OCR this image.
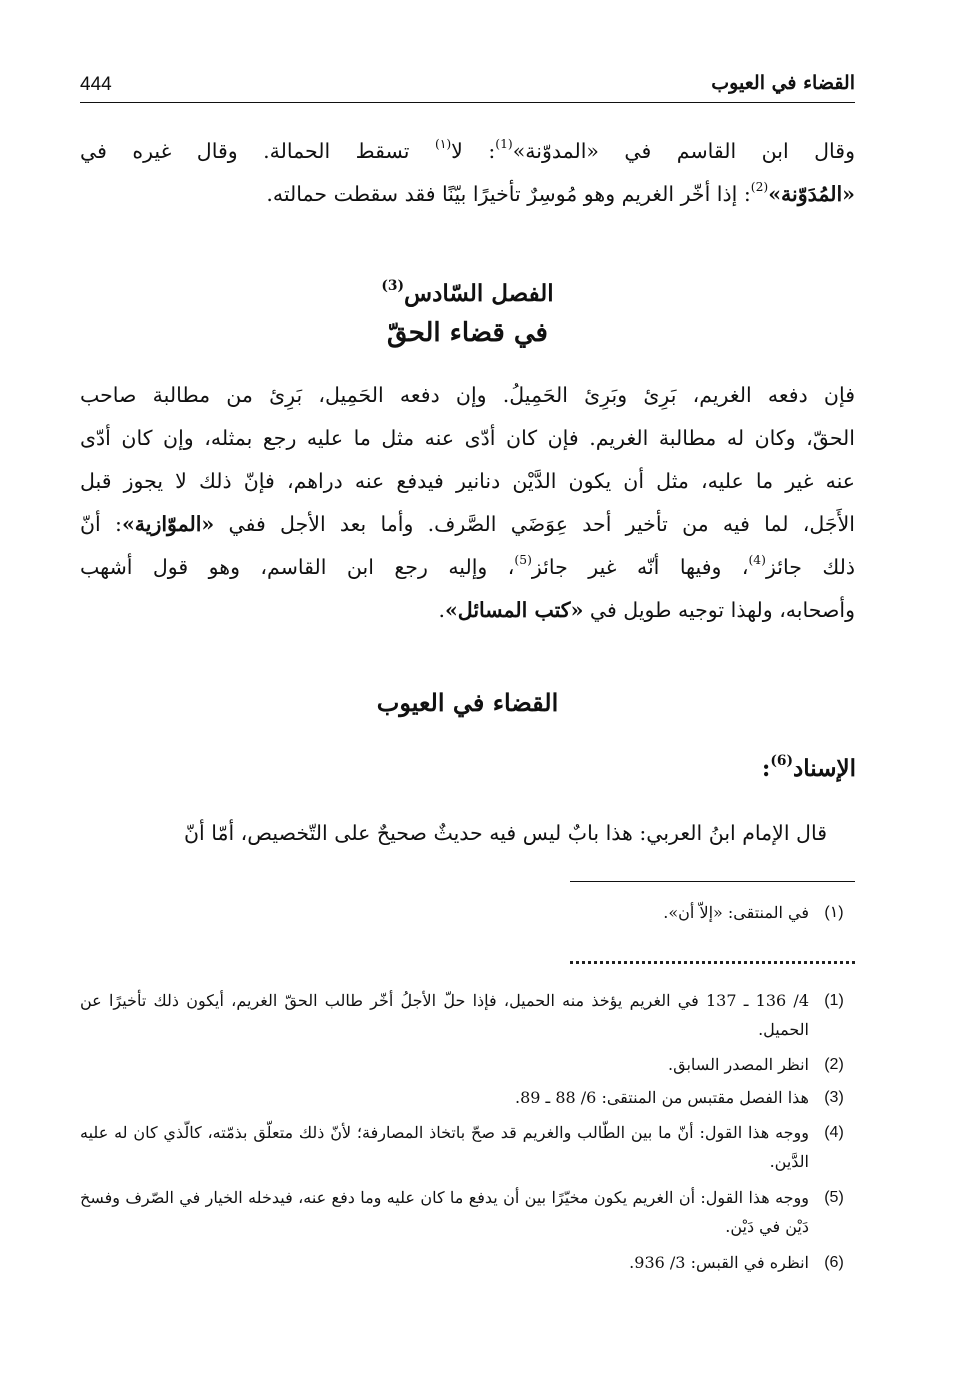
444	القضاء في العيوب

وقال ابن القاسم في «المدوّنة»$^{(1)}$: لا$^{(١)}$ تسقط الحمالة. وقال غيره في
«المُدَوّنة»$^{(2)}$: إذا أخّر الغريم وهو مُوسِرٌ تأخيرًا بيّنًا فقد سقطت حمالته.

الفصل السّادس$^{(3)}$
في قضاء الحقّ

فإن دفعه الغريم، بَرِئ وبَرِئ الحَمِيلُ. وإن دفعه الحَمِيل، بَرِئ من مطالبة صاحب
الحقّ، وكان له مطالبة الغريم. فإن كان أدّى عنه مثل ما عليه رجع بمثله، وإن كان أدّى
عنه غير ما عليه، مثل أن يكون الدَّيْن دنانير فيدفع عنه دراهم، فإنّ ذلك لا يجوز قبل
الأَجَل، لما فيه من تأخير أحد عِوَضَي الصَّرف. وأما بعد الأجل ففي «الموّازية»: أنّ
ذلك جائز$^{(4)}$، وفيها أنّه غير جائز$^{(5)}$، وإليه رجع ابن القاسم، وهو قول أشهب
وأصحابه، ولهذا توجيه طويل في «كتب المسائل».

القضاء في العيوب
الإسناد$^{(6)}$:

قال الإمام ابنُ العربي: هذا بابٌ ليس فيه حديثٌ صحيحٌ على التّخصيص، أمّا أنّ

(١)
في المنتقى: «إلاّ أن».
(1)
4/ 136 ـ 137 في الغريم يؤخذ منه الحميل، فإذا حلّ الأجلُ أخّر طالب الحقّ الغريم، أيكون ذلك تأخيرًا عن الحميل.
(2)
انظر المصدر السابق.
(3)
هذا الفصل مقتبس من المنتقى: 6/ 88 ـ 89.
(4)
ووجه هذا القول: أنّ ما بين الطّالب والغريم قد صحّ باتخاذ المصارفة؛ لأنّ ذلك متعلّق بذمّته، كالّذي كان له عليه الدَّين.
(5)
ووجه هذا القول: أن الغريم يكون مخيّرًا بين أن يدفع ما كان عليه وما دفع عنه، فيدخله الخيار في الصّرف وفسخ دَيْن في دَيْن.
(6)
انظره في القبس: 3/ 936.
